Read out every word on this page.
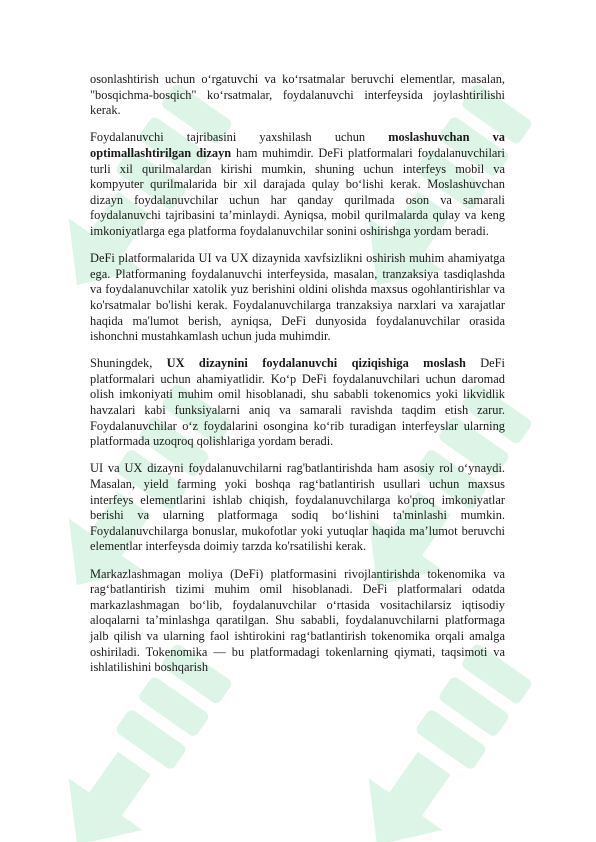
osonlashtirish uchun o‘rgatuvchi va ko‘rsatmalar beruvchi elementlar, masalan, "bosqichma-bosqich" ko‘rsatmalar, foydalanuvchi interfeysida joylashtirilishi kerak.

Foydalanuvchi tajribasini yaxshilash uchun moslashuvchan va optimallashtirilgan dizayn ham muhimdir. DeFi platformalari foydalanuvchilari turli xil qurilmalardan kirishi mumkin, shuning uchun interfeys mobil va kompyuter qurilmalarida bir xil darajada qulay bo‘lishi kerak. Moslashuvchan dizayn foydalanuvchilar uchun har qanday qurilmada oson va samarali foydalanuvchi tajribasini ta’minlaydi. Ayniqsa, mobil qurilmalarda qulay va keng imkoniyatlarga ega platforma foydalanuvchilar sonini oshirishga yordam beradi.

DeFi platformalarida UI va UX dizaynida xavfsizlikni oshirish muhim ahamiyatga ega. Platformaning foydalanuvchi interfeysida, masalan, tranzaksiya tasdiqlashda va foydalanuvchilar xatolik yuz berishini oldini olishda maxsus ogohlantirishlar va ko'rsatmalar bo'lishi kerak. Foydalanuvchilarga tranzaksiya narxlari va xarajatlar haqida ma'lumot berish, ayniqsa, DeFi dunyosida foydalanuvchilar orasida ishonchni mustahkamlash uchun juda muhimdir.

Shuningdek, UX dizaynini foydalanuvchi qiziqishiga moslash DeFi platformalari uchun ahamiyatlidir. Ko‘p DeFi foydalanuvchilari uchun daromad olish imkoniyati muhim omil hisoblanadi, shu sababli tokenomics yoki likvidlik havzalari kabi funksiyalarni aniq va samarali ravishda taqdim etish zarur. Foydalanuvchilar o‘z foydalarini osongina ko‘rib turadigan interfeyslar ularning platformada uzoqroq qolishlariga yordam beradi.

UI va UX dizayni foydalanuvchilarni rag'batlantirishda ham asosiy rol o‘ynaydi. Masalan, yield farming yoki boshqa rag‘batlantirish usullari uchun maxsus interfeys elementlarini ishlab chiqish, foydalanuvchilarga ko'proq imkoniyatlar berishi va ularning platformaga sodiq bo‘lishini ta'minlashi mumkin. Foydalanuvchilarga bonuslar, mukofotlar yoki yutuqlar haqida ma’lumot beruvchi elementlar interfeysda doimiy tarzda ko'rsatilishi kerak.

Markazlashmagan moliya (DeFi) platformasini rivojlantirishda tokenomika va rag‘batlantirish tizimi muhim omil hisoblanadi. DeFi platformalari odatda markazlashmagan bo‘lib, foydalanuvchilar o‘rtasida vositachilarsiz iqtisodiy aloqalarni ta’minlashga qaratilgan. Shu sababli, foydalanuvchilarni platformaga jalb qilish va ularning faol ishtirokini rag‘batlantirish tokenomika orqali amalga oshiriladi. Tokenomika — bu platformadagi tokenlarning qiymati, taqsimoti va ishlatilishini boshqarish
